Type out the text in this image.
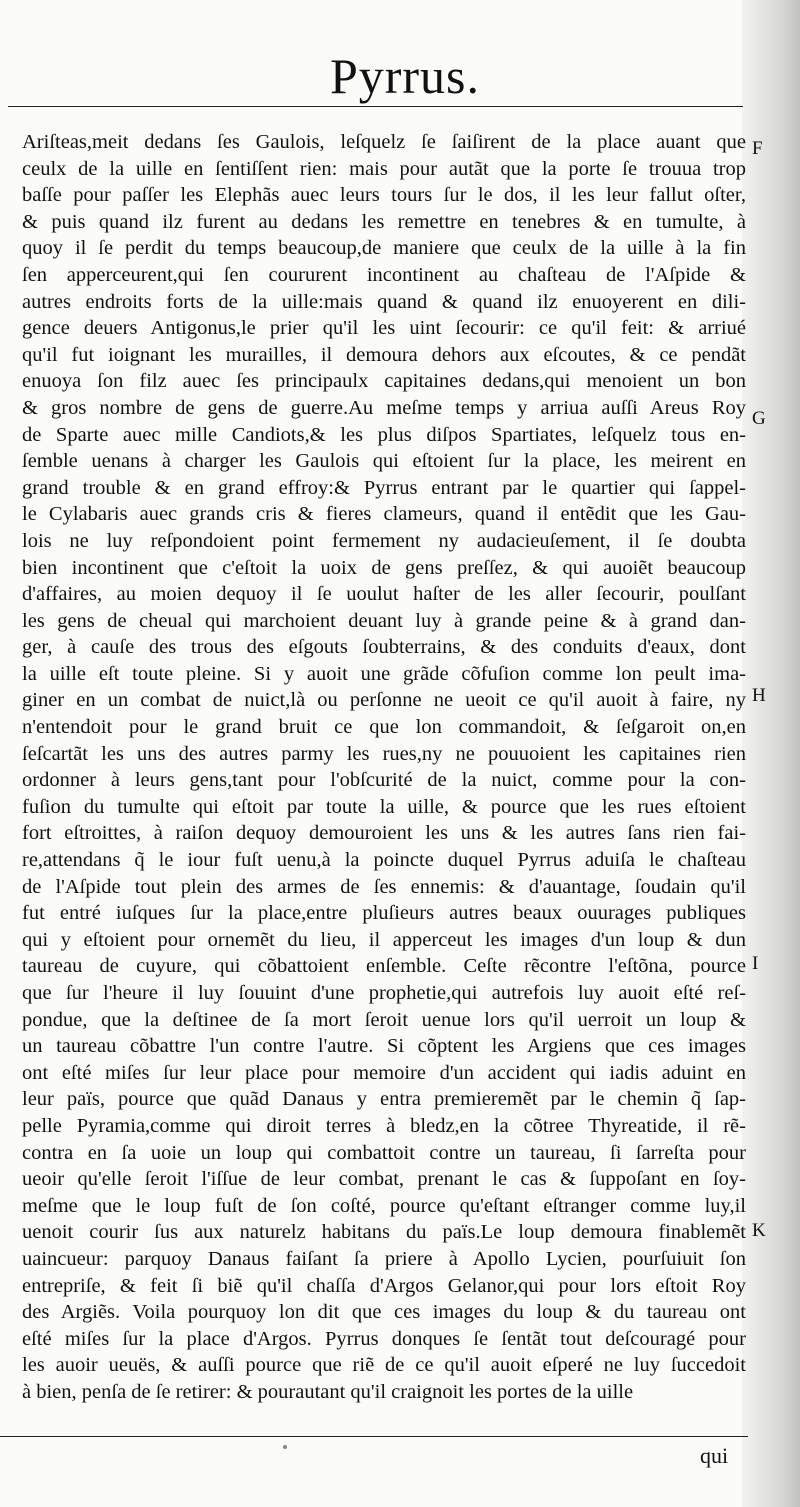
Pyrrus.
Ariſteas,meit dedans ſes Gaulois, leſquelz ſe ſaiſirent de la place auant que
ceulx de la uille en ſentiſſent rien: mais pour autãt que la porte ſe trouua trop
baſſe pour paſſer les Elephãs auec leurs tours ſur le dos, il les leur fallut oſter,
& puis quand ilz furent au dedans les remettre en tenebres & en tumulte, à
quoy il ſe perdit du temps beaucoup,de maniere que ceulx de la uille à la fin
ſen apperceurent,qui ſen coururent incontinent au chaſteau de l'Aſpide &
autres endroits forts de la uille:mais quand & quand ilz enuoyerent en dili-
gence deuers Antigonus,le prier qu'il les uint ſecourir: ce qu'il feit: & arriué
qu'il fut ioignant les murailles, il demoura dehors aux eſcoutes, & ce pendãt
enuoya ſon filz auec ſes principaulx capitaines dedans,qui menoient un bon
& gros nombre de gens de guerre.Au meſme temps y arriua auſſi Areus Roy
de Sparte auec mille Candiots,& les plus diſpos Spartiates, leſquelz tous en-
ſemble uenans à charger les Gaulois qui eſtoient ſur la place, les meirent en
grand trouble & en grand effroy:& Pyrrus entrant par le quartier qui ſappel-
le Cylabaris auec grands cris & fieres clameurs, quand il entẽdit que les Gau-
lois ne luy reſpondoient point fermement ny audacieuſement, il ſe doubta
bien incontinent que c'eſtoit la uoix de gens preſſez, & qui auoiẽt beaucoup
d'affaires, au moien dequoy il ſe uoulut haſter de les aller ſecourir, poulſant
les gens de cheual qui marchoient deuant luy à grande peine & à grand dan-
ger, à cauſe des trous des eſgouts ſoubterrains, & des conduits d'eaux, dont
la uille eſt toute pleine. Si y auoit une grãde cõfuſion comme lon peult ima-
giner en un combat de nuict,là ou perſonne ne ueoit ce qu'il auoit à faire, ny
n'entendoit pour le grand bruit ce que lon commandoit, & ſeſgaroit on,en
ſeſcartãt les uns des autres parmy les rues,ny ne pouuoient les capitaines rien
ordonner à leurs gens,tant pour l'obſcurité de la nuict, comme pour la con-
fuſion du tumulte qui eſtoit par toute la uille, & pource que les rues eſtoient
fort eſtroittes, à raiſon dequoy demouroient les uns & les autres ſans rien fai-
re,attendans q̃ le iour fuſt uenu,à la poincte duquel Pyrrus aduiſa le chaſteau
de l'Aſpide tout plein des armes de ſes ennemis: & d'auantage, ſoudain qu'il
fut entré iuſques ſur la place,entre pluſieurs autres beaux ouurages publiques
qui y eſtoient pour ornemẽt du lieu, il apperceut les images d'un loup & dun
taureau de cuyure, qui cõbattoient enſemble. Ceſte rẽcontre l'eſtõna, pource
que ſur l'heure il luy ſouuint d'une prophetie,qui autrefois luy auoit eſté reſ-
pondue, que la deſtinee de ſa mort ſeroit uenue lors qu'il uerroit un loup &
un taureau cõbattre l'un contre l'autre. Si cõptent les Argiens que ces images
ont eſté miſes ſur leur place pour memoire d'un accident qui iadis aduint en
leur païs, pource que quãd Danaus y entra premieremẽt par le chemin q̃ ſap-
pelle Pyramia,comme qui diroit terres à bledz,en la cõtree Thyreatide, il rẽ-
contra en ſa uoie un loup qui combattoit contre un taureau, ſi ſarreſta pour
ueoir qu'elle ſeroit l'iſſue de leur combat, prenant le cas & ſuppoſant en ſoy-
meſme que le loup fuſt de ſon coſté, pource qu'eſtant eſtranger comme luy,il
uenoit courir ſus aux naturelz habitans du païs.Le loup demoura finablemẽt
uaincueur: parquoy Danaus faiſant ſa priere à Apollo Lycien, pourſuiuit ſon
entrepriſe, & feit ſi biẽ qu'il chaſſa d'Argos Gelanor,qui pour lors eſtoit Roy
des Argiẽs. Voila pourquoy lon dit que ces images du loup & du taureau ont
eſté miſes ſur la place d'Argos. Pyrrus donques ſe ſentãt tout deſcouragé pour
les auoir ueuës, & auſſi pource que riẽ de ce qu'il auoit eſperé ne luy ſuccedoit
à bien, penſa de ſe retirer: & pourautant qu'il craignoit les portes de la uille
F
G
H
I
K
qui
